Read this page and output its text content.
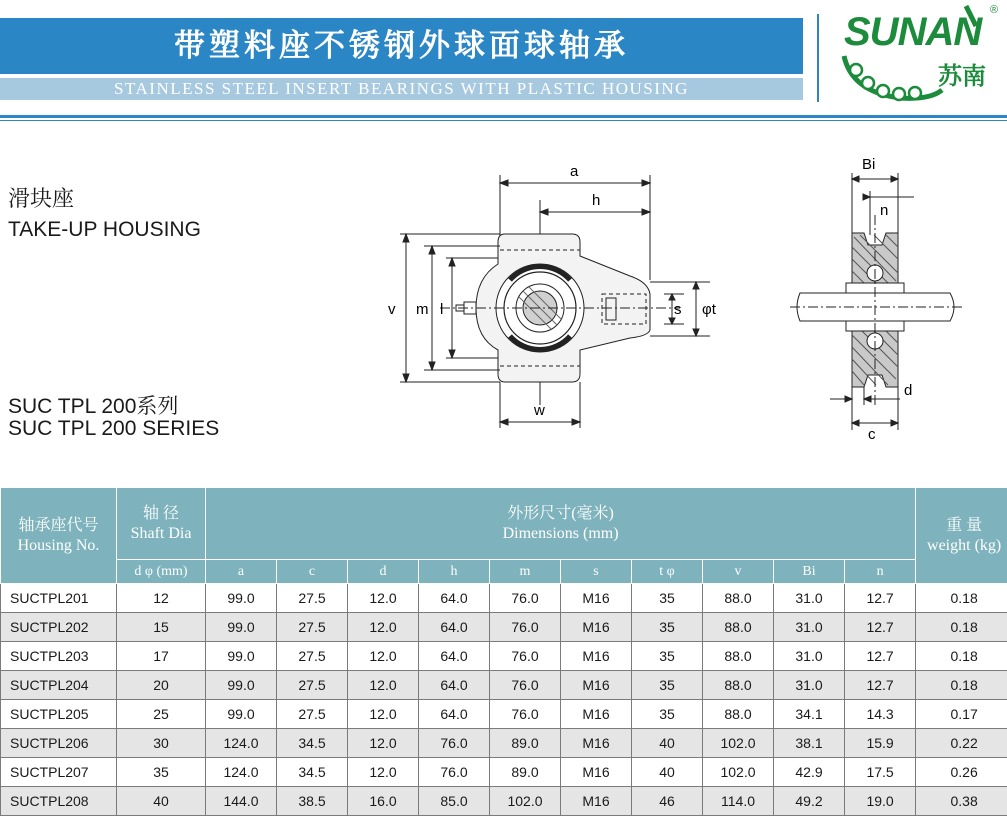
带塑料座不锈钢外球面球轴承
STAINLESS STEEL INSERT BEARINGS WITH PLASTIC HOUSING
SUNAN ®
苏南
滑块座
TAKE-UP HOUSING
SUC TPL 200系列
SUC TPL 200 SERIES
a
h
v m l	s φt
w
Bi
n
d
c
轴承座代号
Housing No.	轴 径
Shaft Dia	外形尺寸(毫米)
Dimensions (mm)										重 量
weight (kg)

	d φ (mm)	a	c	d	h	m	s	t φ	v	Bi	n	
SUCTPL201	12	99.0	27.5	12.0	64.0	76.0	M16	35	88.0	31.0	12.7	0.18
SUCTPL202	15	99.0	27.5	12.0	64.0	76.0	M16	35	88.0	31.0	12.7	0.18
SUCTPL203	17	99.0	27.5	12.0	64.0	76.0	M16	35	88.0	31.0	12.7	0.18
SUCTPL204	20	99.0	27.5	12.0	64.0	76.0	M16	35	88.0	31.0	12.7	0.18
SUCTPL205	25	99.0	27.5	12.0	64.0	76.0	M16	35	88.0	34.1	14.3	0.17
SUCTPL206	30	124.0	34.5	12.0	76.0	89.0	M16	40	102.0	38.1	15.9	0.22
SUCTPL207	35	124.0	34.5	12.0	76.0	89.0	M16	40	102.0	42.9	17.5	0.26
SUCTPL208	40	144.0	38.5	16.0	85.0	102.0	M16	46	114.0	49.2	19.0	0.38
